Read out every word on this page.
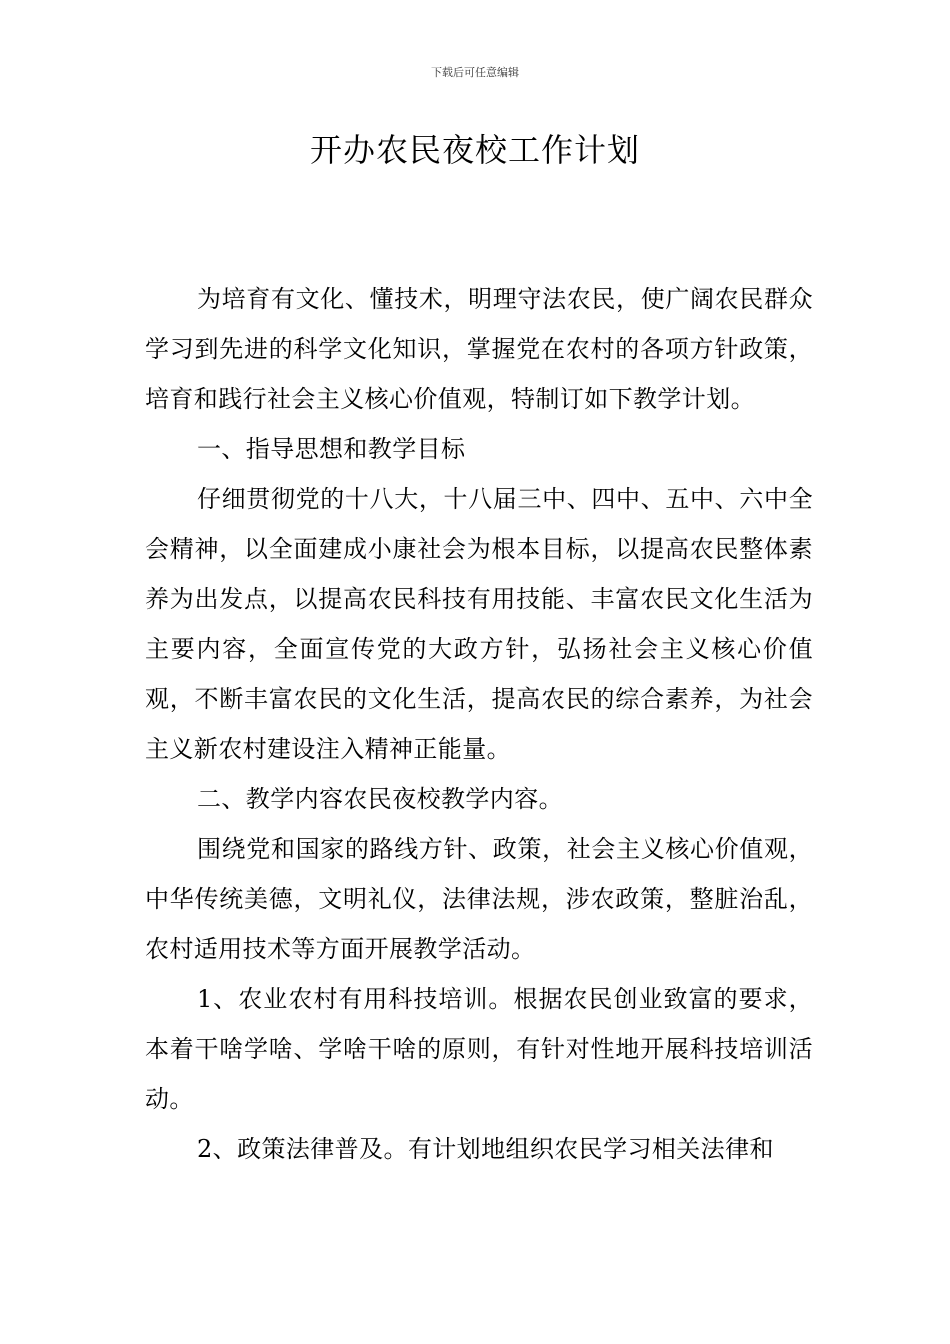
下载后可任意编辑
开办农民夜校工作计划

为培育有文化、懂技术，明理守法农民，使广阔农民群众学习到先进的科学文化知识，掌握党在农村的各项方针政策，培育和践行社会主义核心价值观，特制订如下教学计划。

一、指导思想和教学目标

仔细贯彻党的十八大，十八届三中、四中、五中、六中全会精神，以全面建成小康社会为根本目标，以提高农民整体素养为出发点，以提高农民科技有用技能、丰富农民文化生活为主要内容，全面宣传党的大政方针，弘扬社会主义核心价值观，不断丰富农民的文化生活，提高农民的综合素养，为社会主义新农村建设注入精神正能量。

二、教学内容农民夜校教学内容。

围绕党和国家的路线方针、政策，社会主义核心价值观，中华传统美德，文明礼仪，法律法规，涉农政策，整脏治乱，农村适用技术等方面开展教学活动。

1、农业农村有用科技培训。根据农民创业致富的要求，本着干啥学啥、学啥干啥的原则，有针对性地开展科技培训活动。

2、政策法律普及。有计划地组织农民学习相关法律和
